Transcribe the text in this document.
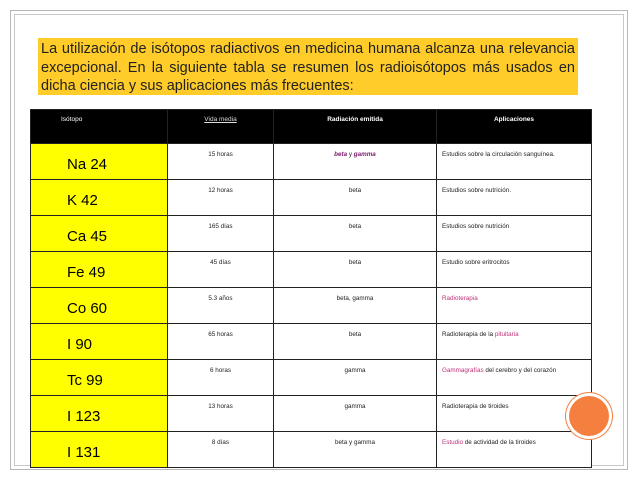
La utilización de isótopos radiactivos en medicina humana alcanza una relevancia excepcional. En la siguiente tabla se resumen los radioisótopos más usados en dicha ciencia y sus aplicaciones más frecuentes:
Isótopo	Vida media	Radiación emitida	Aplicaciones
Na 24	15 horas	beta y gamma	Estudios sobre la circulación sanguínea.
K 42	12 horas	beta	Estudios sobre nutrición.
Ca 45	165 días	beta	Estudios sobre nutrición
Fe 49	45 días	beta	Estudio sobre eritrocitos
Co 60	5.3 años	beta, gamma	Radioterapia
I 90	65 horas	beta	Radioterapia de la pituitaria
Tc 99	6 horas	gamma	Gammagrafías del cerebro y del corazón
I 123	13 horas	gamma	Radioterapia de tiroides
I 131	8 días	beta y gamma	Estudio de actividad de la tiroides
